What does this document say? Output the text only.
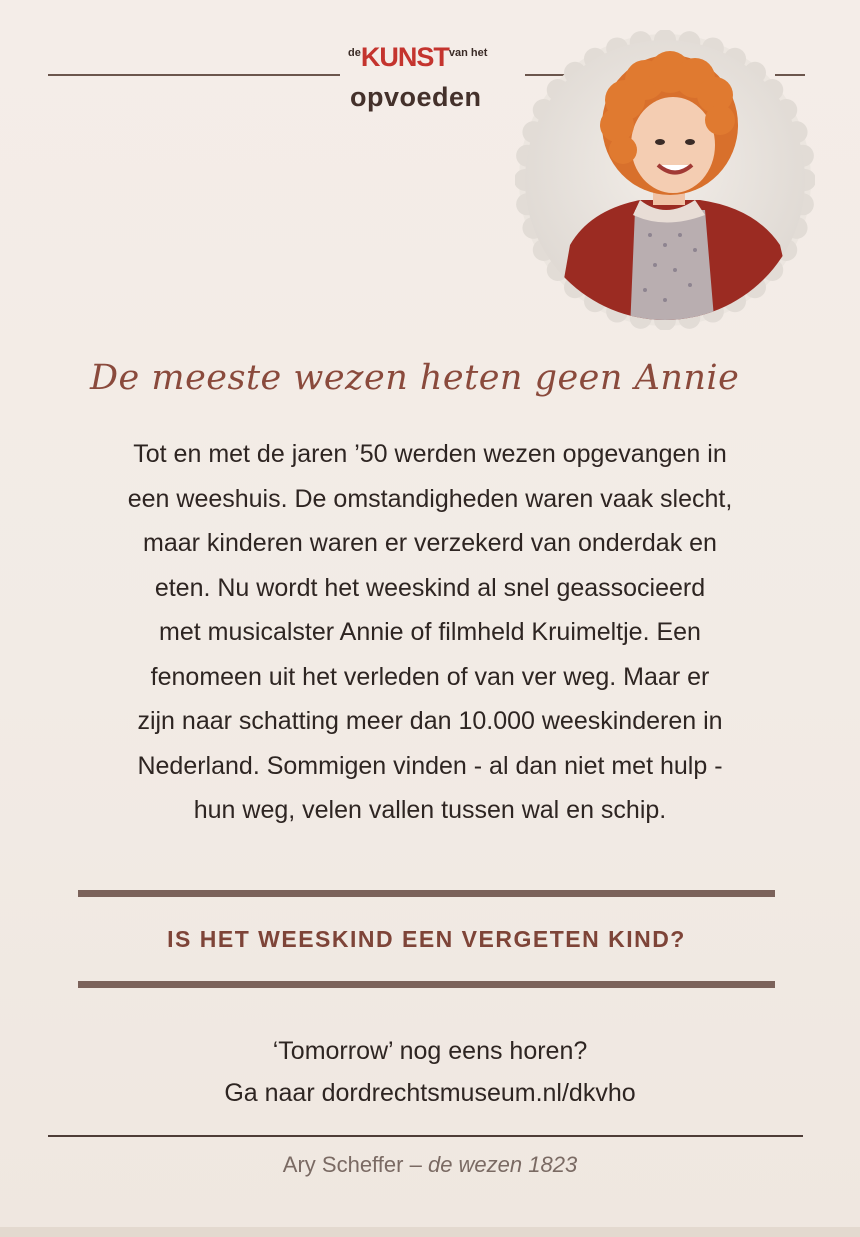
$^{de}KUNST^{van het}$
opvoeden
De meeste wezen heten geen Annie
Tot en met de jaren ’50 werden wezen opgevangen in
een weeshuis. De omstandigheden waren vaak slecht,
maar kinderen waren er verzekerd van onderdak en
eten. Nu wordt het weeskind al snel geassocieerd
met musicalster Annie of filmheld Kruimeltje. Een
fenomeen uit het verleden of van ver weg. Maar er
zijn naar schatting meer dan 10.000 weeskinderen in
Nederland. Sommigen vinden - al dan niet met hulp -
hun weg, velen vallen tussen wal en schip.
IS HET WEESKIND EEN VERGETEN KIND?
‘Tomorrow’ nog eens horen?
Ga naar dordrechtsmuseum.nl/dkvho
Ary Scheffer – de wezen 1823
